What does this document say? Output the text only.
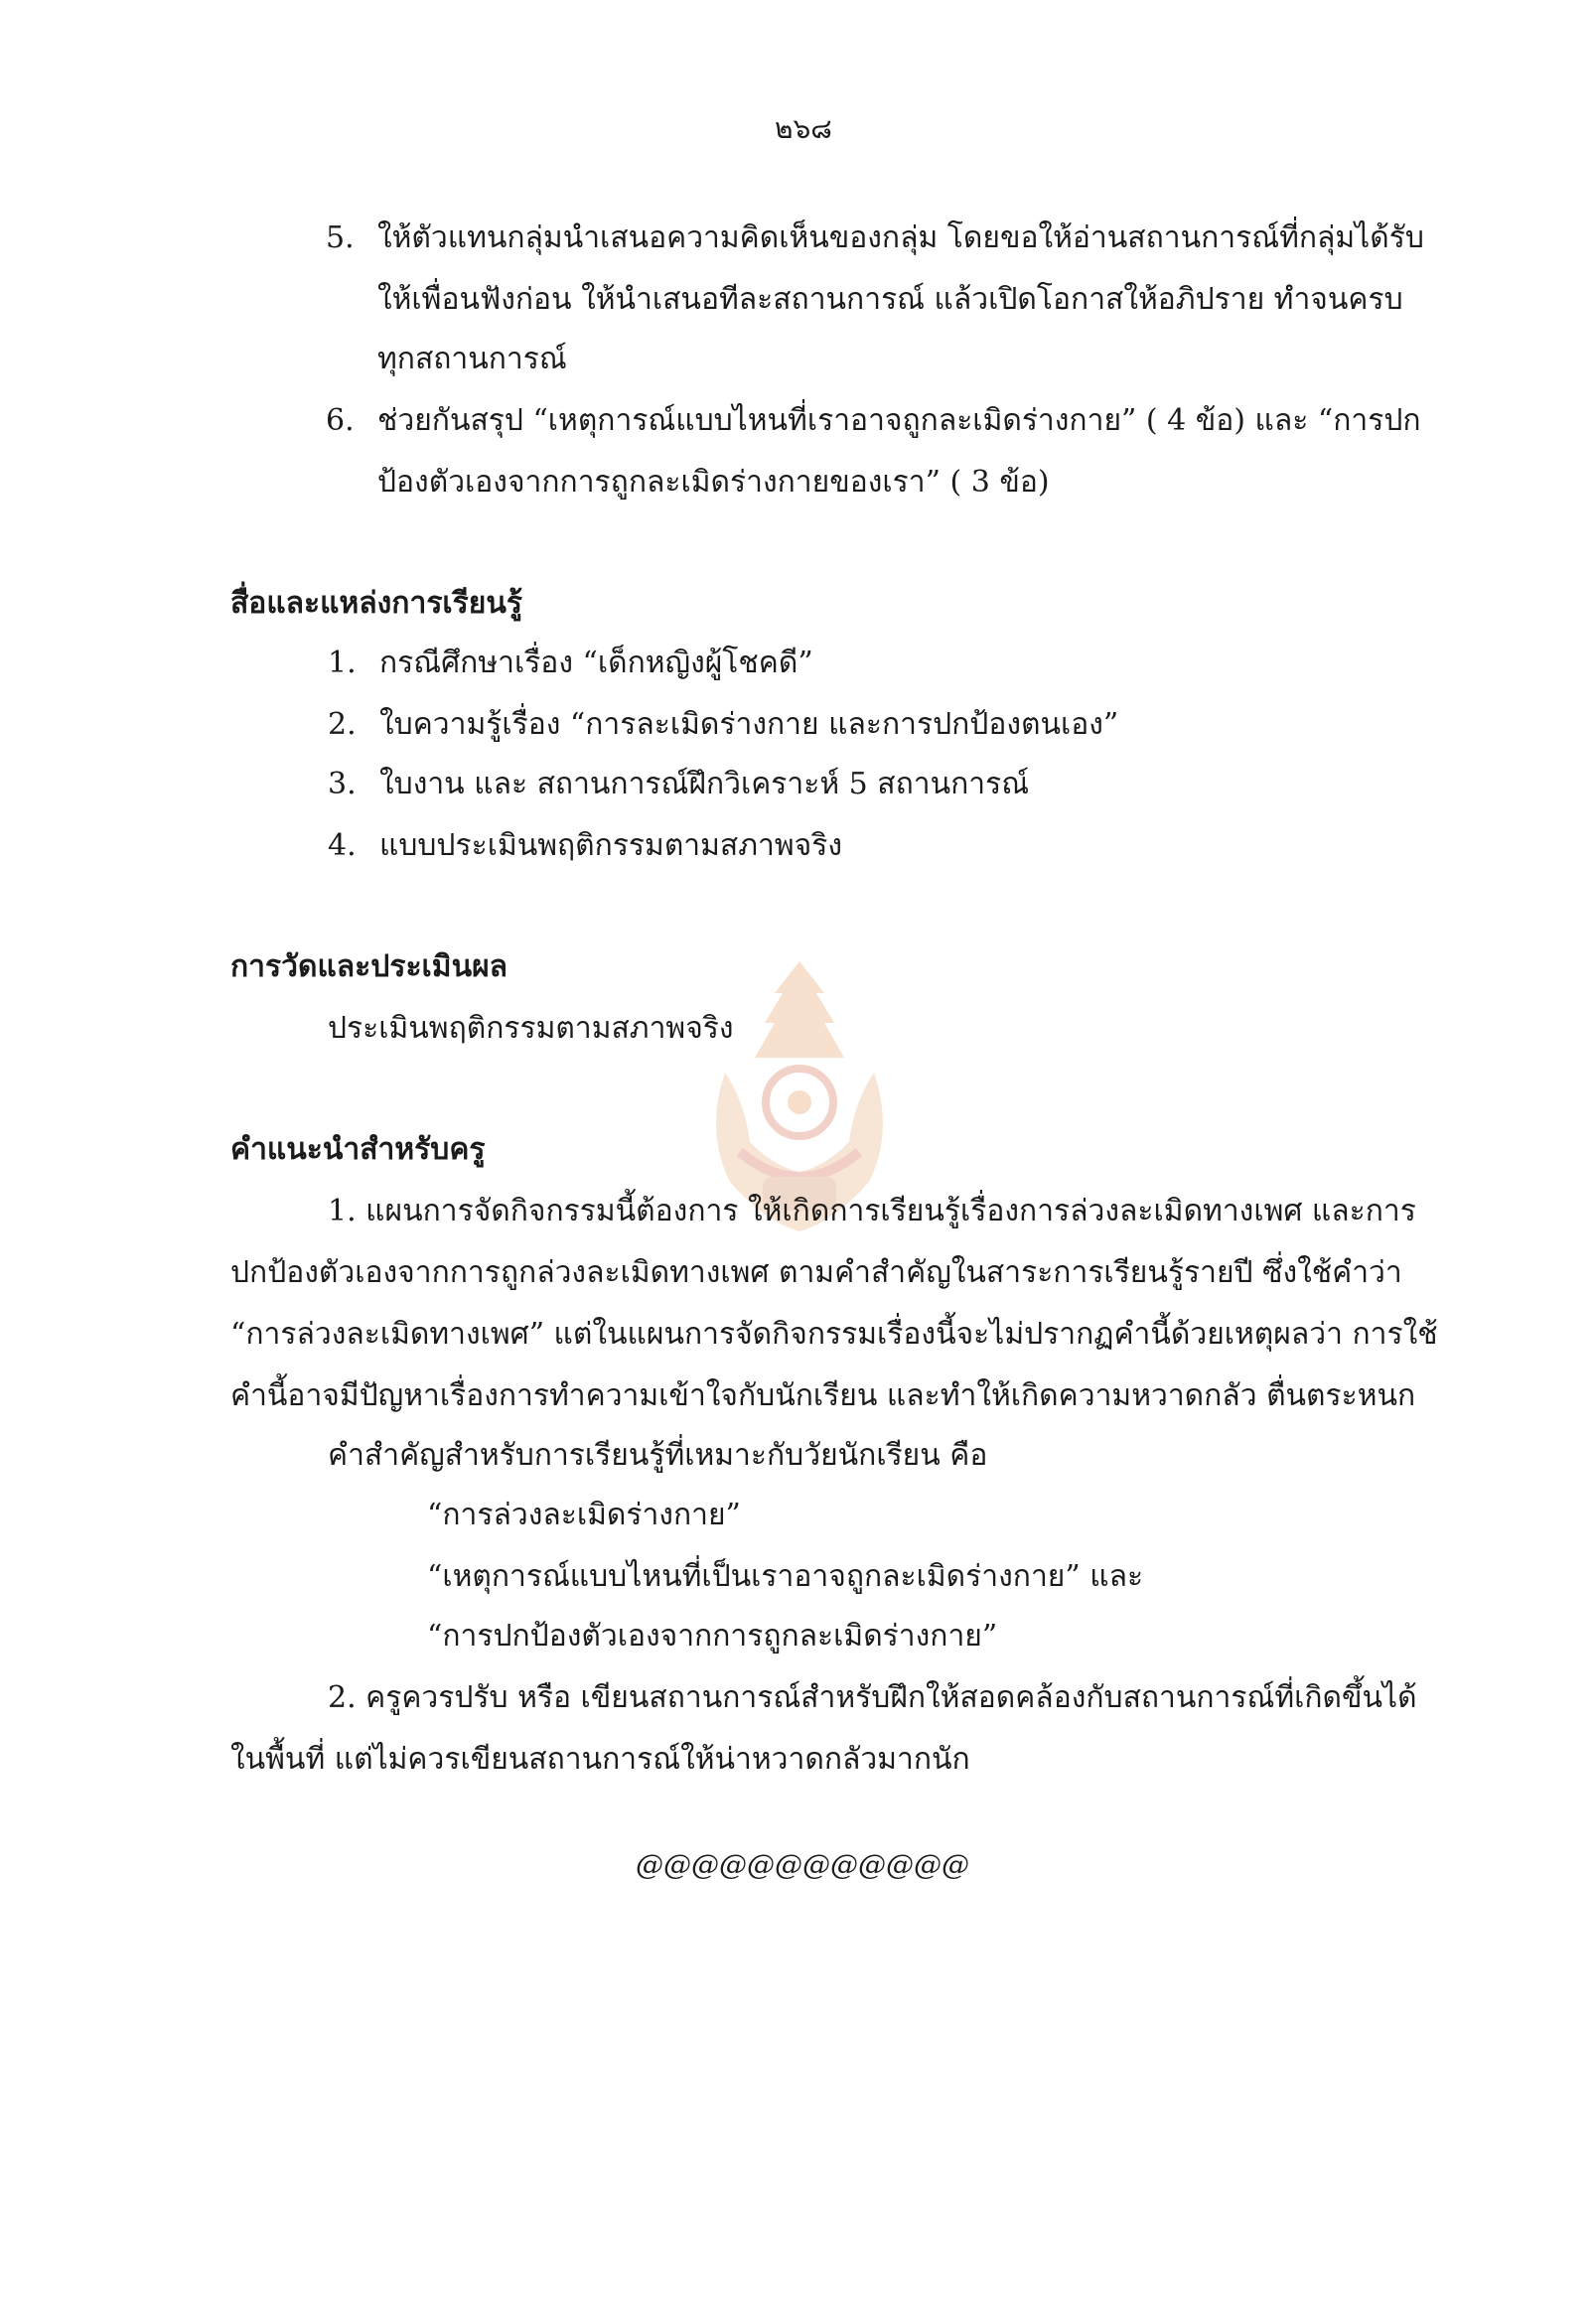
๒๖๘
5. ให้ตัวแทนกลุ่มนำเสนอความคิดเห็นของกลุ่ม โดยขอให้อ่านสถานการณ์ที่กลุ่มได้รับ
ให้เพื่อนฟังก่อน ให้นำเสนอทีละสถานการณ์ แล้วเปิดโอกาสให้อภิปราย ทำจนครบ
ทุกสถานการณ์
6. ช่วยกันสรุป “เหตุการณ์แบบไหนที่เราอาจถูกละเมิดร่างกาย” ( 4 ข้อ) และ “การปก
ป้องตัวเองจากการถูกละเมิดร่างกายของเรา” ( 3 ข้อ)
สื่อและแหล่งการเรียนรู้
1. กรณีศึกษาเรื่อง “เด็กหญิงผู้โชคดี”
2. ใบความรู้เรื่อง “การละเมิดร่างกาย และการปกป้องตนเอง”
3. ใบงาน และ สถานการณ์ฝึกวิเคราะห์ 5 สถานการณ์
4. แบบประเมินพฤติกรรมตามสภาพจริง
การวัดและประเมินผล
ประเมินพฤติกรรมตามสภาพจริง
คำแนะนำสำหรับครู
1. แผนการจัดกิจกรรมนี้ต้องการ ให้เกิดการเรียนรู้เรื่องการล่วงละเมิดทางเพศ และการ
ปกป้องตัวเองจากการถูกล่วงละเมิดทางเพศ ตามคำสำคัญในสาระการเรียนรู้รายปี ซึ่งใช้คำว่า
“การล่วงละเมิดทางเพศ” แต่ในแผนการจัดกิจกรรมเรื่องนี้จะไม่ปรากฏคำนี้ด้วยเหตุผลว่า การใช้
คำนี้อาจมีปัญหาเรื่องการทำความเข้าใจกับนักเรียน และทำให้เกิดความหวาดกลัว ตื่นตระหนก
คำสำคัญสำหรับการเรียนรู้ที่เหมาะกับวัยนักเรียน คือ
“การล่วงละเมิดร่างกาย”
“เหตุการณ์แบบไหนที่เป็นเราอาจถูกละเมิดร่างกาย” และ
“การปกป้องตัวเองจากการถูกละเมิดร่างกาย”
2. ครูควรปรับ หรือ เขียนสถานการณ์สำหรับฝึกให้สอดคล้องกับสถานการณ์ที่เกิดขึ้นได้
ในพื้นที่ แต่ไม่ควรเขียนสถานการณ์ให้น่าหวาดกลัวมากนัก
@@@@@@@@@@@@
